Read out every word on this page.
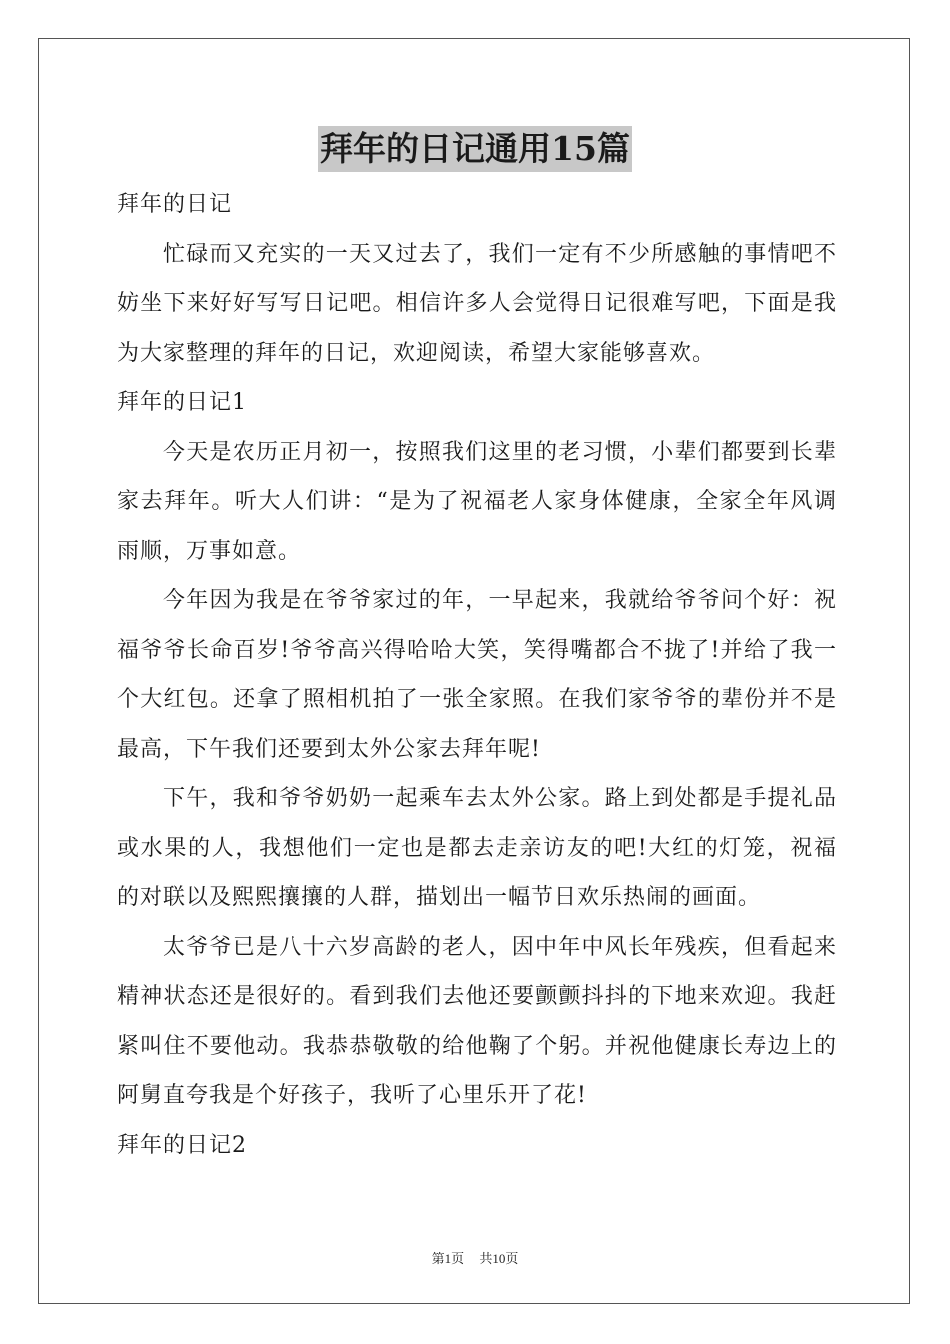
拜年的日记通用15篇

拜年的日记

忙碌而又充实的一天又过去了，我们一定有不少所感触的事情吧不妨坐下来好好写写日记吧。相信许多人会觉得日记很难写吧，下面是我为大家整理的拜年的日记，欢迎阅读，希望大家能够喜欢。

拜年的日记1

今天是农历正月初一，按照我们这里的老习惯，小辈们都要到长辈家去拜年。听大人们讲：“是为了祝福老人家身体健康，全家全年风调雨顺，万事如意。

今年因为我是在爷爷家过的年，一早起来，我就给爷爷问个好：祝福爷爷长命百岁!爷爷高兴得哈哈大笑，笑得嘴都合不拢了!并给了我一个大红包。还拿了照相机拍了一张全家照。在我们家爷爷的辈份并不是最高，下午我们还要到太外公家去拜年呢!

下午，我和爷爷奶奶一起乘车去太外公家。路上到处都是手提礼品或水果的人，我想他们一定也是都去走亲访友的吧!大红的灯笼，祝福的对联以及熙熙攘攘的人群，描划出一幅节日欢乐热闹的画面。

太爷爷已是八十六岁高龄的老人，因中年中风长年残疾，但看起来精神状态还是很好的。看到我们去他还要颤颤抖抖的下地来欢迎。我赶紧叫住不要他动。我恭恭敬敬的给他鞠了个躬。并祝他健康长寿边上的阿舅直夸我是个好孩子，我听了心里乐开了花!

拜年的日记2

第1页 共10页
